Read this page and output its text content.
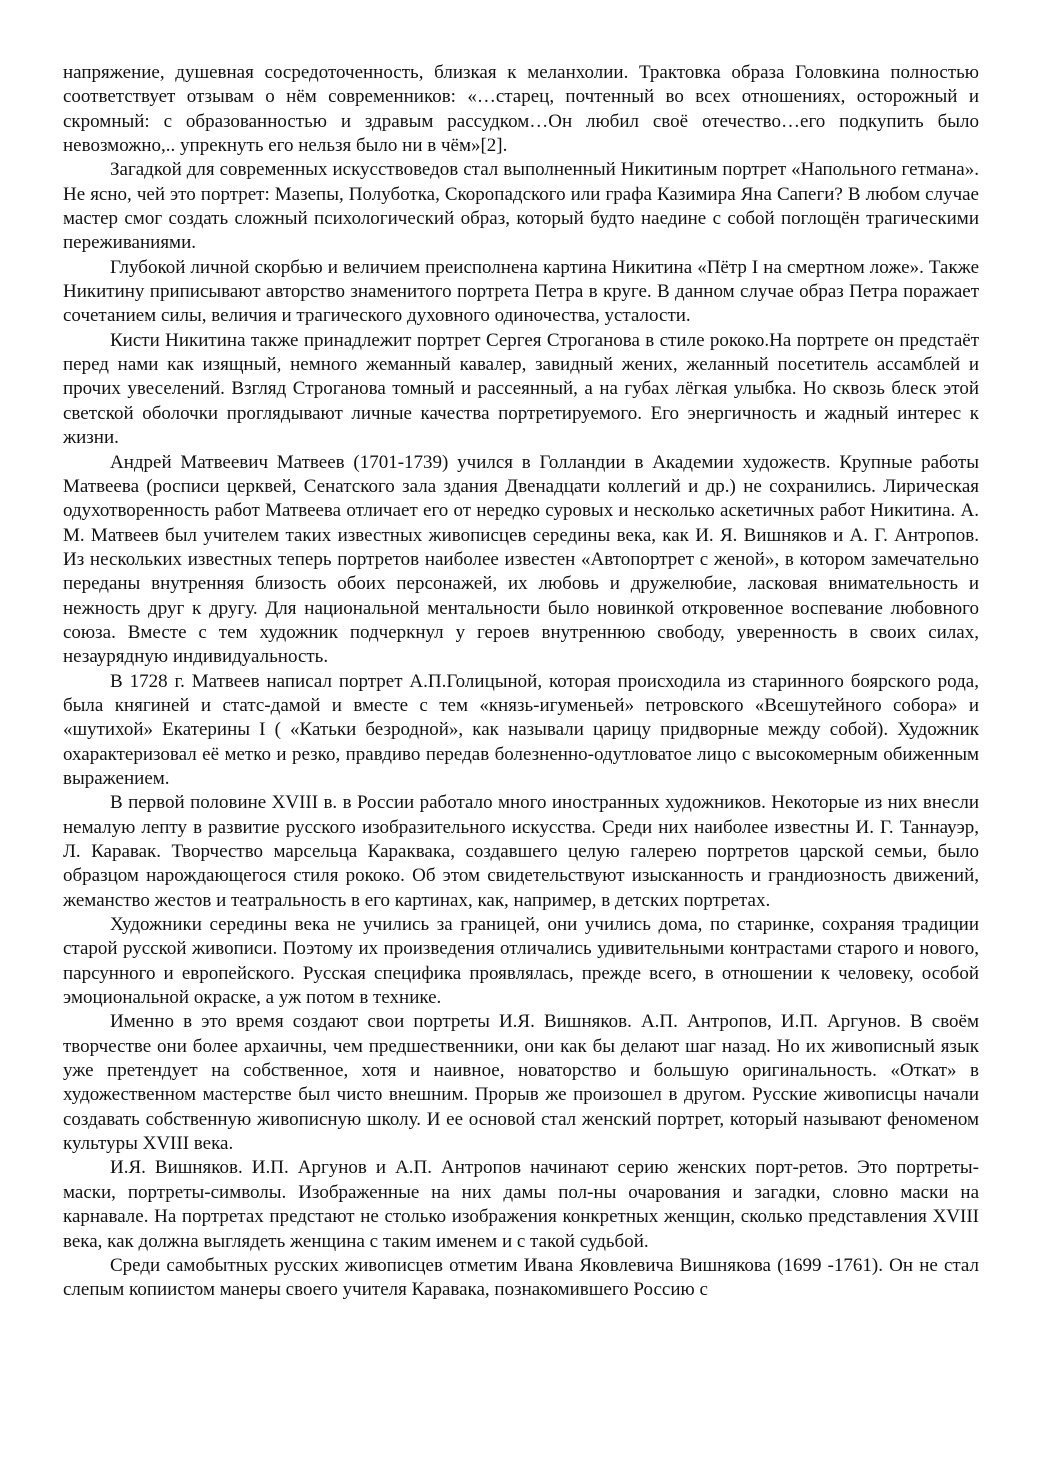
напряжение, душевная сосредоточенность, близкая к меланхолии. Трактовка образа Головкина полностью соответствует отзывам о нём современников: «…старец, почтенный во всех отношениях, осторожный и скромный: с образованностью и здравым рассудком…Он любил своё отечество…его подкупить было невозможно,.. упрекнуть его нельзя было ни в чём»[2].

Загадкой для современных искусствоведов стал выполненный Никитиным портрет «Напольного гетмана». Не ясно, чей это портрет: Мазепы, Полуботка, Скоропадского или графа Казимира Яна Сапеги? В любом случае мастер смог создать сложный психологический образ, который будто наедине с собой поглощён трагическими переживаниями.

Глубокой личной скорбью и величием преисполнена картина Никитина «Пётр I на смертном ложе». Также Никитину приписывают авторство знаменитого портрета Петра в круге. В данном случае образ Петра поражает сочетанием силы, величия и трагического духовного одиночества, усталости.

Кисти Никитина также принадлежит портрет Сергея Строганова в стиле рококо.На портрете он предстаёт перед нами как изящный, немного жеманный кавалер, завидный жених, желанный посетитель ассамблей и прочих увеселений. Взгляд Строганова томный и рассеянный, а на губах лёгкая улыбка. Но сквозь блеск этой светской оболочки проглядывают личные качества портретируемого. Его энергичность и жадный интерес к жизни.

Андрей Матвеевич Матвеев (1701-1739) учился в Голландии в Академии художеств. Крупные работы Матвеева (росписи церквей, Сенатского зала здания Двенадцати коллегий и др.) не сохранились. Лирическая одухотворенность работ Матвеева отличает его от нередко суровых и несколько аскетичных работ Никитина. А. М. Матвеев был учителем таких известных живописцев середины века, как И. Я. Вишняков и А. Г. Антропов. Из нескольких известных теперь портретов наиболее известен «Автопортрет с женой», в котором замечательно переданы внутренняя близость обоих персонажей, их любовь и дружелюбие, ласковая внимательность и нежность друг к другу. Для национальной ментальности было новинкой откровенное воспевание любовного союза. Вместе с тем художник подчеркнул у героев внутреннюю свободу, уверенность в своих силах, незаурядную индивидуальность.

В 1728 г. Матвеев написал портрет А.П.Голицыной, которая происходила из старинного боярского рода, была княгиней и статс-дамой и вместе с тем «князь-игуменьей» петровского «Всешутейного собора» и «шутихой» Екатерины I ( «Катьки безродной», как называли царицу придворные между собой). Художник охарактеризовал её метко и резко, правдиво передав болезненно-одутловатое лицо с высокомерным обиженным выражением.

В первой половине XVIII в. в России работало много иностранных художников. Некоторые из них внесли немалую лепту в развитие русского изобразительного искусства. Среди них наиболее известны И. Г. Таннауэр, Л. Каравак. Творчество марсельца Караквака, создавшего целую галерею портретов царской семьи, было образцом нарождающегося стиля рококо. Об этом свидетельствуют изысканность и грандиозность движений, жеманство жестов и театральность в его картинах, как, например, в детских портретах.

Художники середины века не учились за границей, они учились дома, по старинке, сохраняя традиции старой русской живописи. Поэтому их произведения отличались удивительными контрастами старого и нового, парсунного и европейского. Русская специфика проявлялась, прежде всего, в отношении к человеку, особой эмоциональной окраске, а уж потом в технике.

Именно в это время создают свои портреты И.Я. Вишняков. А.П. Антропов, И.П. Аргунов. В своём творчестве они более архаичны, чем предшественники, они как бы делают шаг назад. Но их живописный язык уже претендует на собственное, хотя и наивное, новаторство и большую оригинальность. «Откат» в художественном мастерстве был чисто внешним. Прорыв же произошел в другом. Русские живописцы начали создавать собственную живописную школу. И ее основой стал женский портрет, который называют феноменом культуры XVIII века.

И.Я. Вишняков. И.П. Аргунов и А.П. Антропов начинают серию женских порт-ретов. Это портреты-маски, портреты-символы. Изображенные на них дамы пол-ны очарования и загадки, словно маски на карнавале. На портретах предстают не столько изображения конкретных женщин, сколько представления XVIII века, как должна выглядеть женщина с таким именем и с такой судьбой.

Среди самобытных русских живописцев отметим Ивана Яковлевича Вишнякова (1699 -1761). Он не стал слепым копиистом манеры своего учителя Каравака, познакомившего Россию с
